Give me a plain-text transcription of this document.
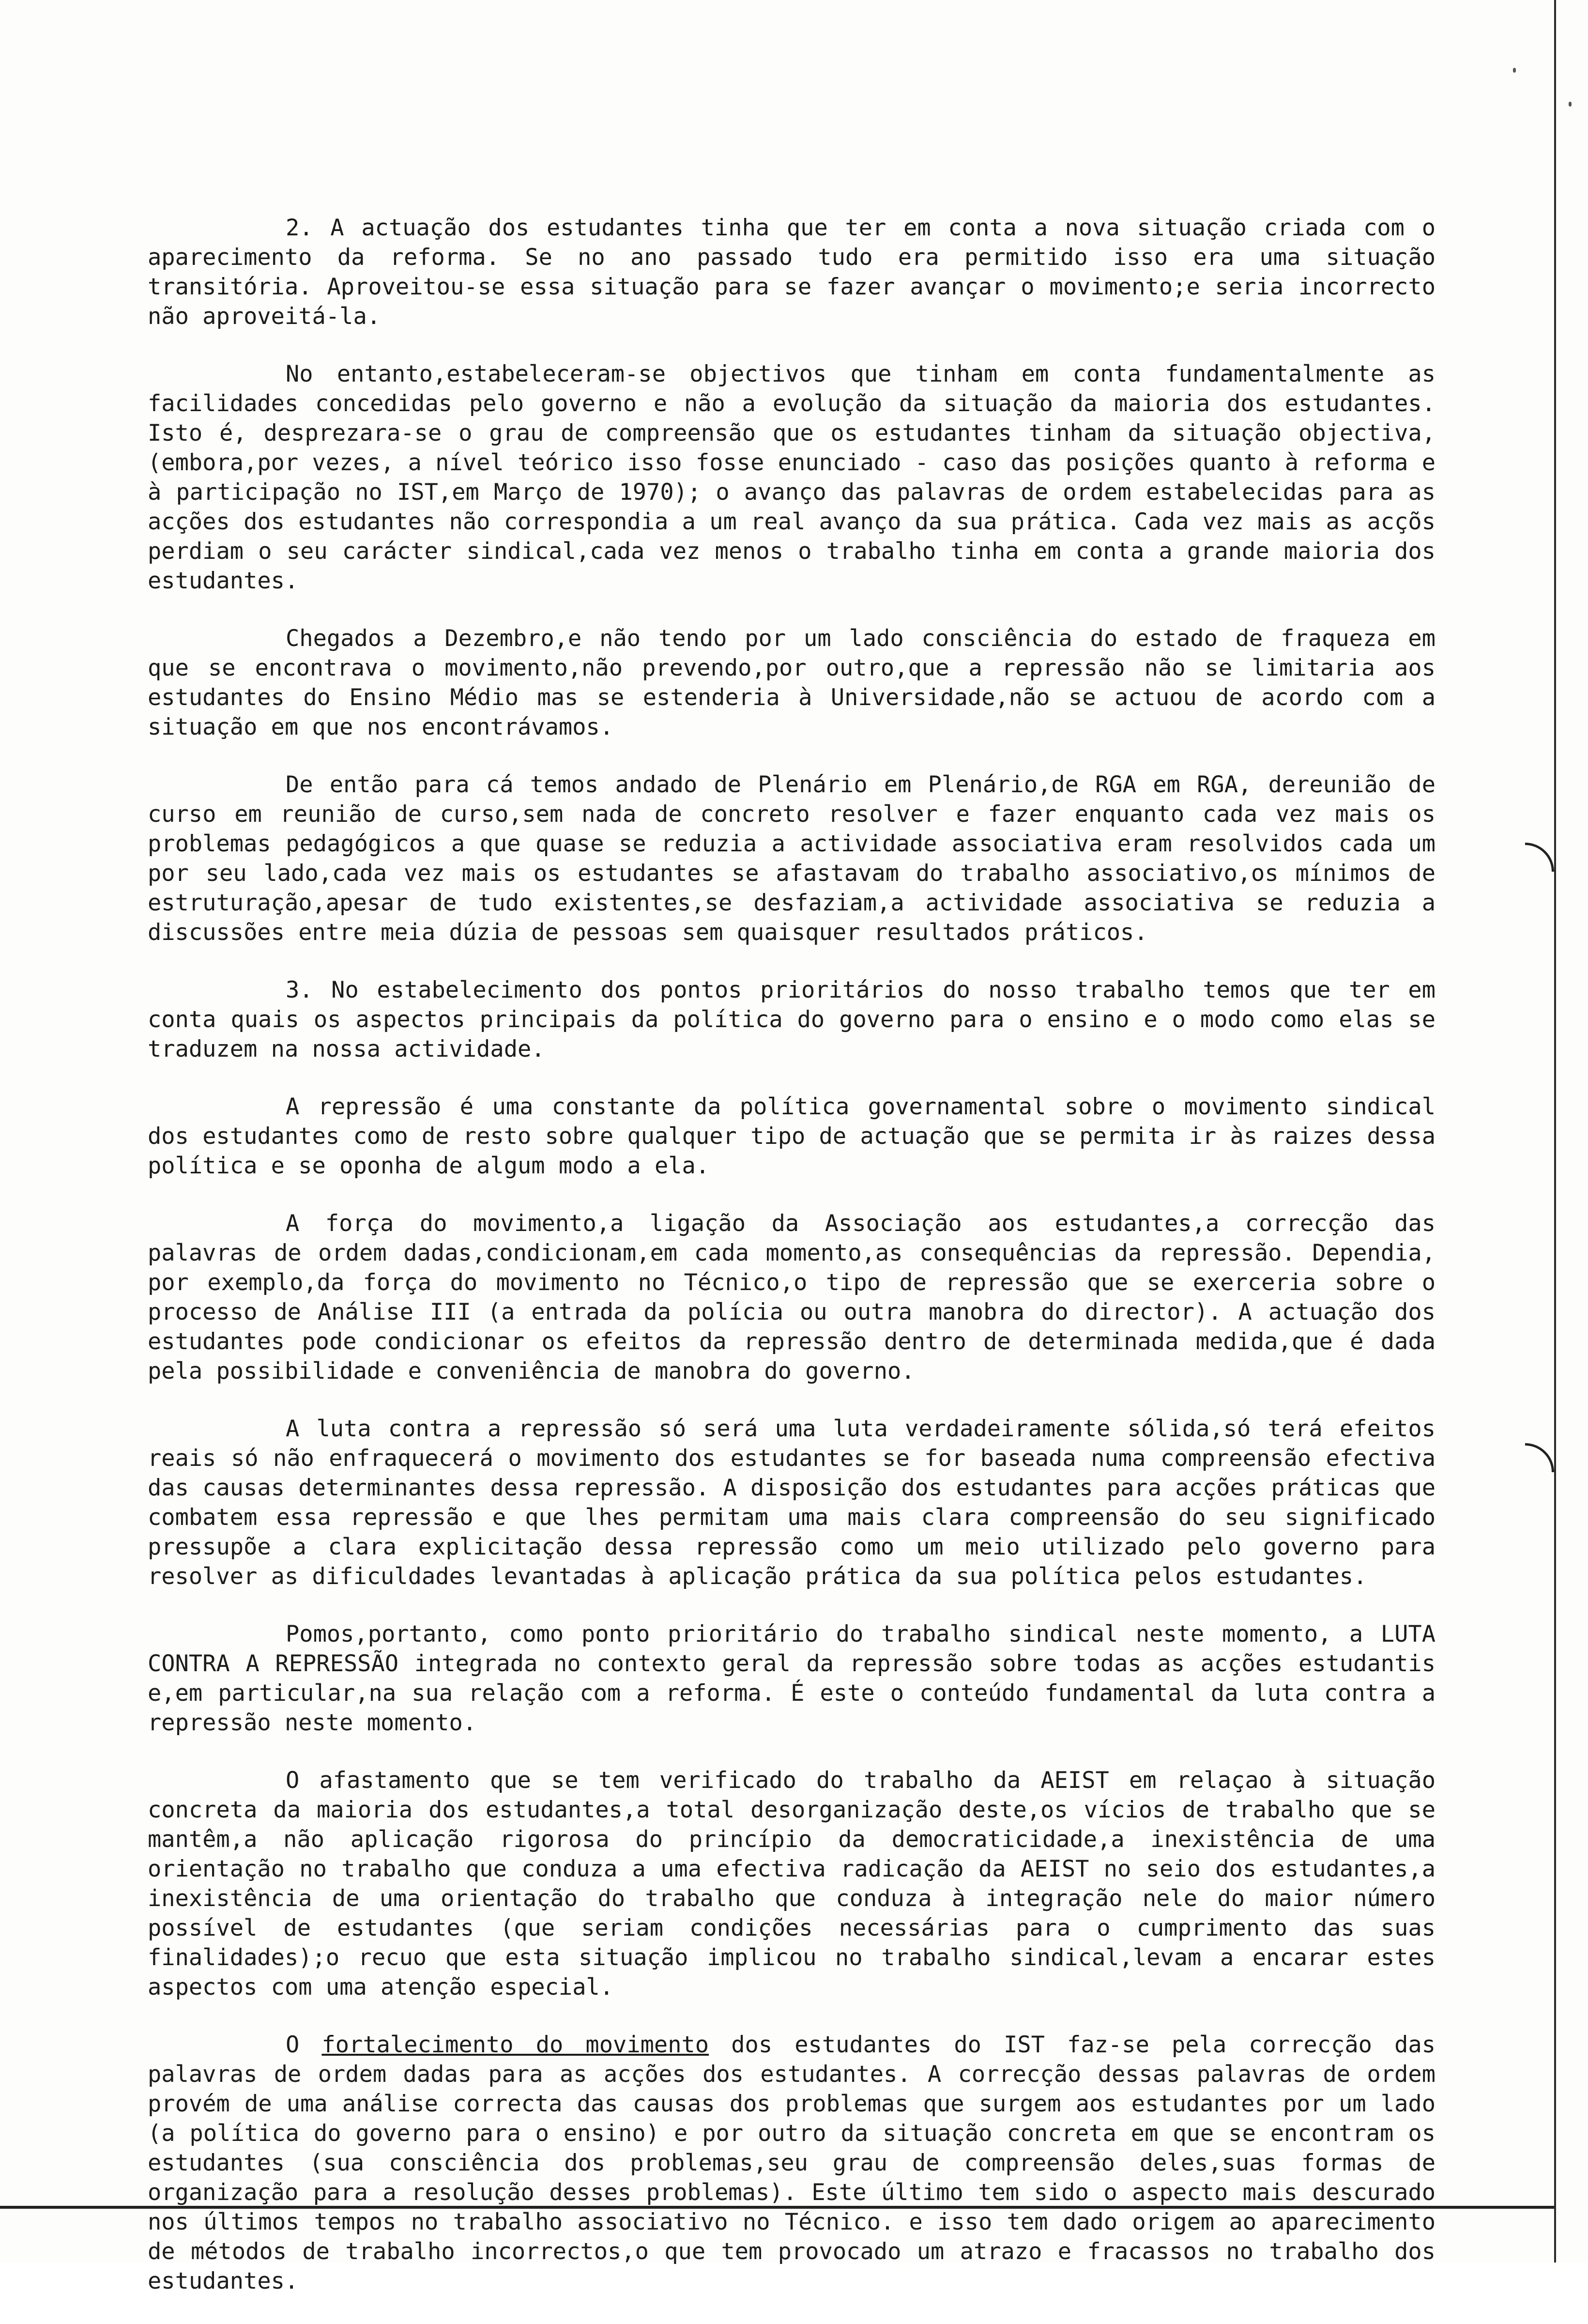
2. A actuação dos estudantes tinha que ter em conta a nova situação criada com o aparecimento da reforma. Se no ano passado tudo era permitido isso era uma situação transitória. Aproveitou-se essa situação para se fazer avançar o movimento;e seria incorrecto não aproveitá-la.

No entanto,estabeleceram-se objectivos que tinham em conta fundamentalmente as facilidades concedidas pelo governo e não a evolução da situação da maioria dos estudantes. Isto é, desprezara-se o grau de compreensão que os estudantes tinham da situação objectiva, (embora,por vezes, a nível teórico isso fosse enunciado - caso das posições quanto à reforma e à participação no IST,em Março de 1970); o avanço das palavras de ordem estabelecidas para as acções dos estudantes não correspondia a um real avanço da sua prática. Cada vez mais as acçõs perdiam o seu carácter sindical,cada vez menos o trabalho tinha em conta a grande maioria dos estudantes.

Chegados a Dezembro,e não tendo por um lado consciência do estado de fraqueza em que se encontrava o movimento,não prevendo,por outro,que a repressão não se limitaria aos estudantes do Ensino Médio mas se estenderia à Universidade,não se actuou de acordo com a situação em que nos encontrávamos.

De então para cá temos andado de Plenário em Plenário,de RGA em RGA, dereunião de curso em reunião de curso,sem nada de concreto resolver e fazer enquanto cada vez mais os problemas pedagógicos a que quase se reduzia a actividade associativa eram resolvidos cada um por seu lado,cada vez mais os estudantes se afastavam do trabalho associativo,os mínimos de estruturação,apesar de tudo existentes,se desfaziam,a actividade associativa se reduzia a discussões entre meia dúzia de pessoas sem quaisquer resultados práticos.

3. No estabelecimento dos pontos prioritários do nosso trabalho temos que ter em conta quais os aspectos principais da política do governo para o ensino e o modo como elas se traduzem na nossa actividade.

A repressão é uma constante da política governamental sobre o movimento sindical dos estudantes como de resto sobre qualquer tipo de actuação que se permita ir às raizes dessa política e se oponha de algum modo a ela.

A força do movimento,a ligação da Associação aos estudantes,a correcção das palavras de ordem dadas,condicionam,em cada momento,as consequências da repressão. Dependia, por exemplo,da força do movimento no Técnico,o tipo de repressão que se exerceria sobre o processo de Análise III (a entrada da polícia ou outra manobra do director). A actuação dos estudantes pode condicionar os efeitos da repressão dentro de determinada medida,que é dada pela possibilidade e conveniência de manobra do governo.

A luta contra a repressão só será uma luta verdadeiramente sólida,só terá efeitos reais só não enfraquecerá o movimento dos estudantes se for baseada numa compreensão efectiva das causas determinantes dessa repressão. A disposição dos estudantes para acções práticas que combatem essa repressão e que lhes permitam uma mais clara compreensão do seu significado pressupõe a clara explicitação dessa repressão como um meio utilizado pelo governo para resolver as dificuldades levantadas à aplicação prática da sua política pelos estudantes.

Pomos,portanto, como ponto prioritário do trabalho sindical neste momento, a LUTA CONTRA A REPRESSÃO integrada no contexto geral da repressão sobre todas as acções estudantis e,em particular,na sua relação com a reforma. É este o conteúdo fundamental da luta contra a repressão neste momento.

O afastamento que se tem verificado do trabalho da AEIST em relaçao à situação concreta da maioria dos estudantes,a total desorganização deste,os vícios de trabalho que se mantêm,a não aplicação rigorosa do princípio da democraticidade,a inexistência de uma orientação no trabalho que conduza a uma efectiva radicação da AEIST no seio dos estudantes,a inexistência de uma orientação do trabalho que conduza à integração nele do maior número possível de estudantes (que seriam condições necessárias para o cumprimento das suas finalidades);o recuo que esta situação implicou no trabalho sindical,levam a encarar estes aspectos com uma atenção especial.

O fortalecimento do movimento dos estudantes do IST faz-se pela correcção das palavras de ordem dadas para as acções dos estudantes. A correcção dessas palavras de ordem provém de uma análise correcta das causas dos problemas que surgem aos estudantes por um lado (a política do governo para o ensino) e por outro da situação concreta em que se encontram os estudantes (sua consciência dos problemas,seu grau de compreensão deles,suas formas de organização para a resolução desses problemas). Este último tem sido o aspecto mais descurado nos últimos tempos no trabalho associativo no Técnico. e isso tem dado origem ao aparecimento de métodos de trabalho incorrectos,o que tem provocado um atrazo e fracassos no trabalho dos estudantes.
